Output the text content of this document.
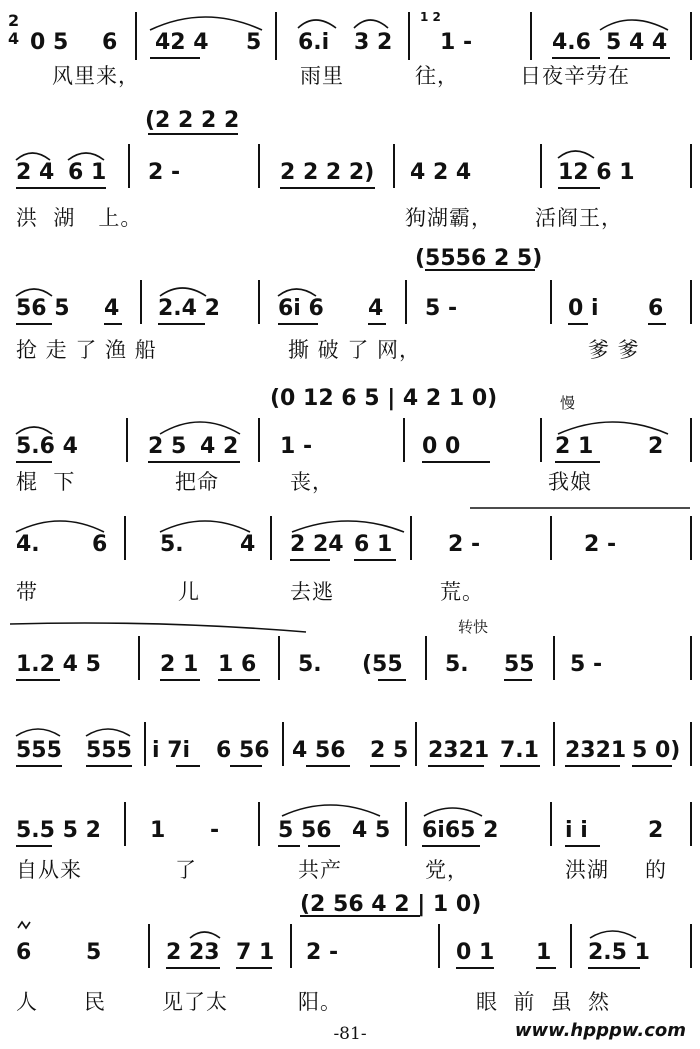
2
4 0 5 6 42 4 5 6.i 3 2
1 2
1 -	4.6 5 4 4
风里来，	雨里	往，	日夜辛劳在
(2 2 2 2
2 4 6 1 2 -	2 2 2 2) 4 2 4	12 6 1
洪  湖   上。	狗湖霸， 活阎王，
(5556 2 5)
56 5 4 2.4 2	6i 6 4 5 -	0 i 6
抢 走 了 渔 船	撕 破 了 网，	爹 爹
(0 12 6 5 | 4 2 1 0)	慢
5.6 4	2 5 4 2 1 -	0 0	2 1 2
棍  下	把命	丧，	我娘
4. 6 5.	4 2 24 6 1	2 -	2 -
带	儿	去逃	荒。
转快
1.2 4 5	2 1 1 6 5. (55 5. 55 5 -
555 555 i 7i 6 56 4 56 2 5 2321 7.1 2321 5 0)
5.5 5 2 1 -	5 56 4 5 6i65 2	i i	2
自从来	了	共产	党，	洪湖 的
(2 56 4 2 | 1 0)
6 5	2 23 7 1 2 -	0 1 1 2.5 1
人 民	见了太	阳。	眼  前  虽  然
-81-	www.hpppw.com
